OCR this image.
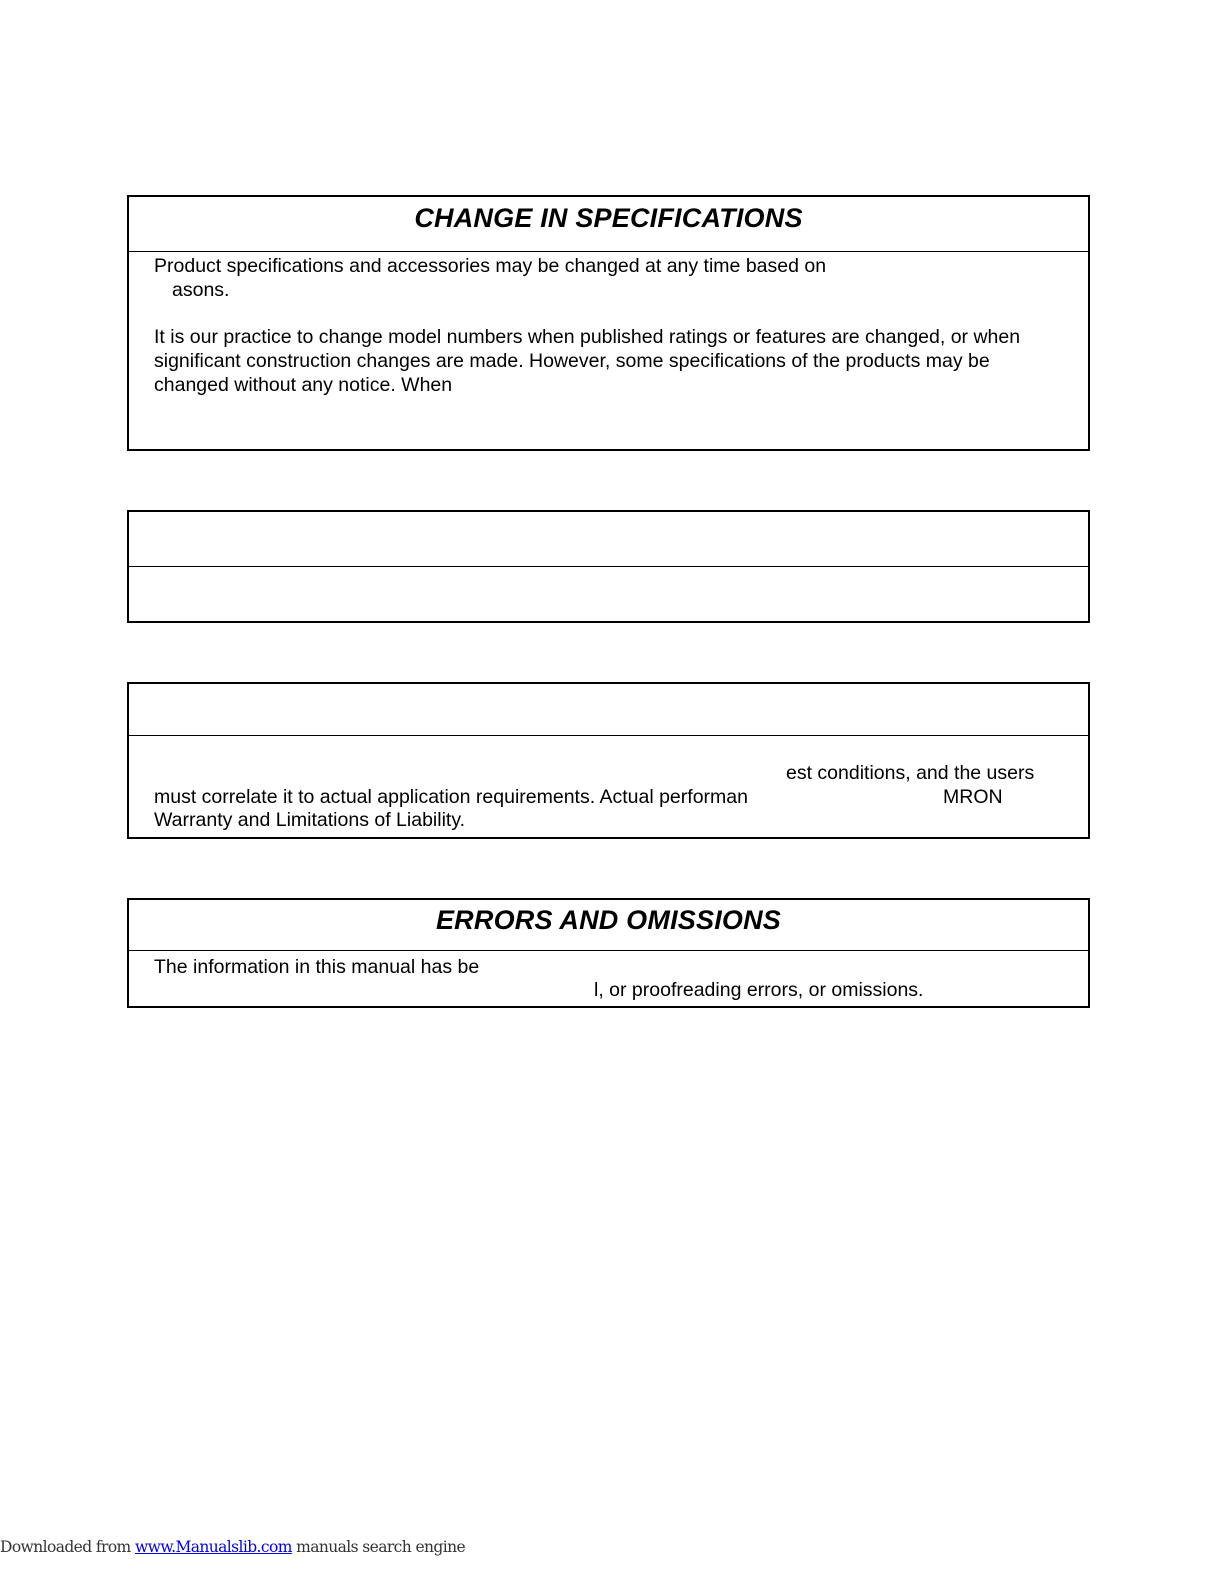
CHANGE IN SPECIFICATIONS
Product specifications and accessories may be changed at any time based on
asons.
It is our practice to change model numbers when published ratings or features are changed, or when
significant construction changes are made. However, some specifications of the products may be
changed without any notice. When
est conditions, and the users
must correlate it to actual application requirements. Actual performan	MRON
Warranty and Limitations of Liability.
ERRORS AND OMISSIONS
The information in this manual has be
l, or proofreading errors, or omissions.
Downloaded from www.Manualslib.com manuals search engine
